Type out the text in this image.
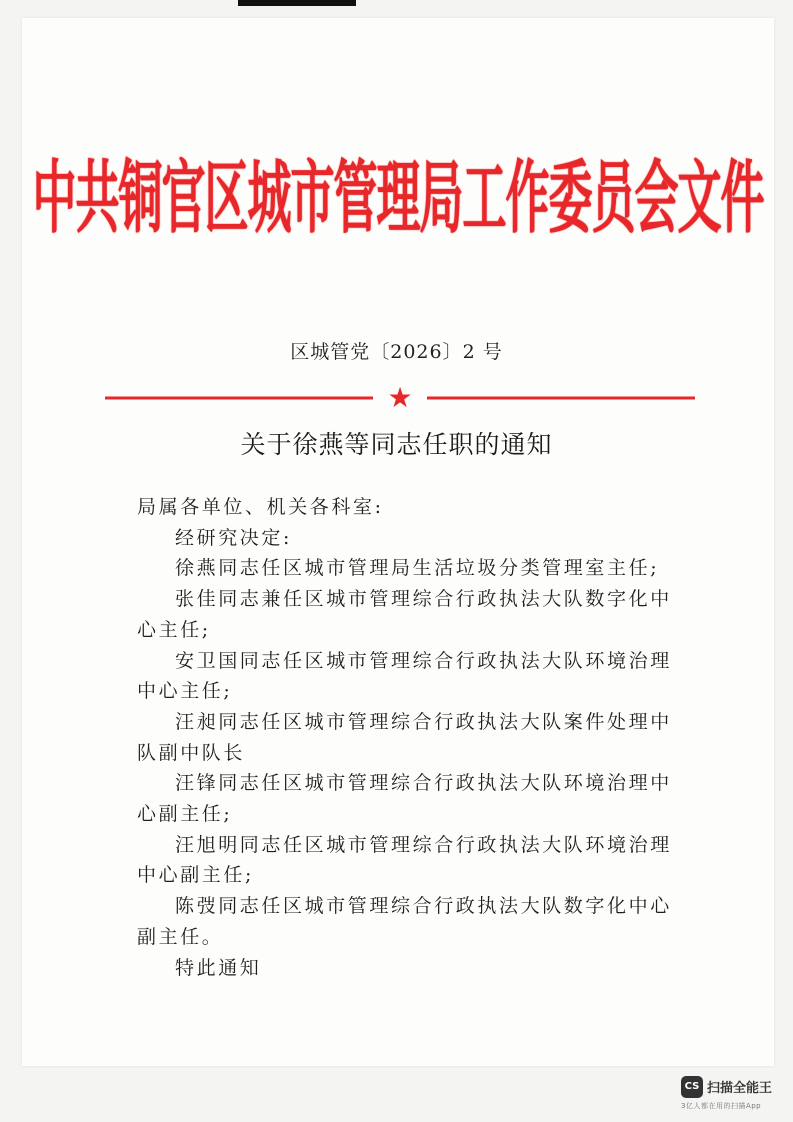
中共铜官区城市管理局工作委员会文件
区城管党〔2026〕2 号
★
关于徐燕等同志任职的通知

局属各单位、机关各科室:

经研究决定:

徐燕同志任区城市管理局生活垃圾分类管理室主任;

张佳同志兼任区城市管理综合行政执法大队数字化中心主任;

安卫国同志任区城市管理综合行政执法大队环境治理中心主任;

汪昶同志任区城市管理综合行政执法大队案件处理中队副中队长

汪锋同志任区城市管理综合行政执法大队环境治理中心副主任;

汪旭明同志任区城市管理综合行政执法大队环境治理中心副主任;

陈弢同志任区城市管理综合行政执法大队数字化中心副主任。

特此通知

CS 扫描全能王
3亿人都在用的扫描App
